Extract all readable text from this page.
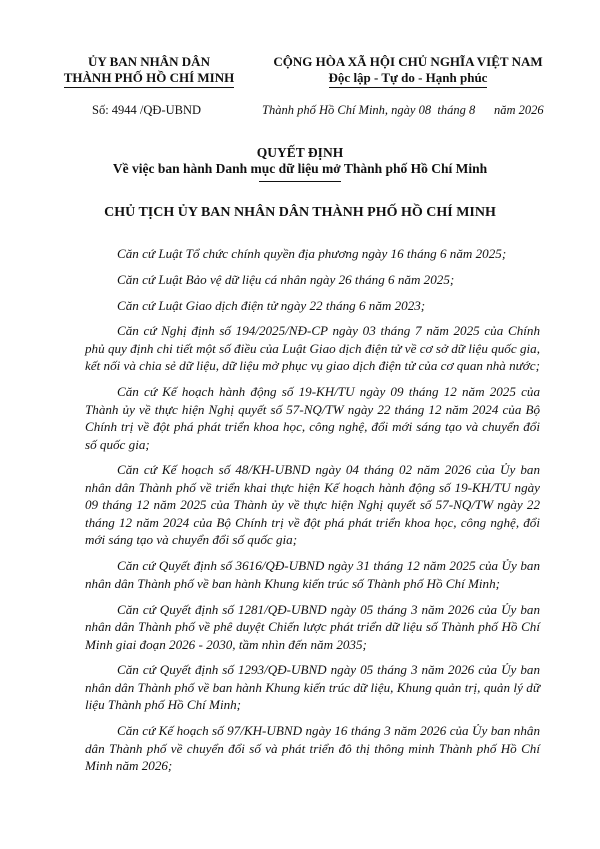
ỦY BAN NHÂN DÂN
THÀNH PHỐ HỒ CHÍ MINH
CỘNG HÒA XÃ HỘI CHỦ NGHĨA VIỆT NAM
Độc lập - Tự do - Hạnh phúc
Số: 4944 /QĐ-UBND	Thành phố Hồ Chí Minh, ngày 08  tháng 8      năm 2026
QUYẾT ĐỊNH
Về việc ban hành Danh mục dữ liệu mở Thành phố Hồ Chí Minh
CHỦ TỊCH ỦY BAN NHÂN DÂN THÀNH PHỐ HỒ CHÍ MINH

Căn cứ Luật Tổ chức chính quyền địa phương ngày 16 tháng 6 năm 2025;

Căn cứ Luật Bảo vệ dữ liệu cá nhân ngày 26 tháng 6 năm 2025;

Căn cứ Luật Giao dịch điện tử ngày 22 tháng 6 năm 2023;

Căn cứ Nghị định số 194/2025/NĐ-CP ngày 03 tháng 7 năm 2025 của Chính phủ quy định chi tiết một số điều của Luật Giao dịch điện tử về cơ sở dữ liệu quốc gia, kết nối và chia sẻ dữ liệu, dữ liệu mở phục vụ giao dịch điện tử của cơ quan nhà nước;

Căn cứ Kế hoạch hành động số 19-KH/TU ngày 09 tháng 12 năm 2025 của Thành ủy về thực hiện Nghị quyết số 57-NQ/TW ngày 22 tháng 12 năm 2024 của Bộ Chính trị về đột phá phát triển khoa học, công nghệ, đổi mới sáng tạo và chuyển đổi số quốc gia;

Căn cứ Kế hoạch số 48/KH-UBND ngày 04 tháng 02 năm 2026 của Ủy ban nhân dân Thành phố về triển khai thực hiện Kế hoạch hành động số 19-KH/TU ngày 09 tháng 12 năm 2025 của Thành ủy về thực hiện Nghị quyết số 57-NQ/TW ngày 22 tháng 12 năm 2024 của Bộ Chính trị về đột phá phát triển khoa học, công nghệ, đổi mới sáng tạo và chuyển đổi số quốc gia;

Căn cứ Quyết định số 3616/QĐ-UBND ngày 31 tháng 12 năm 2025 của Ủy ban nhân dân Thành phố về ban hành Khung kiến trúc số Thành phố Hồ Chí Minh;

Căn cứ Quyết định số 1281/QĐ-UBND ngày 05 tháng 3 năm 2026 của Ủy ban nhân dân Thành phố về phê duyệt Chiến lược phát triển dữ liệu số Thành phố Hồ Chí Minh giai đoạn 2026 - 2030, tầm nhìn đến năm 2035;

Căn cứ Quyết định số 1293/QĐ-UBND ngày 05 tháng 3 năm 2026 của Ủy ban nhân dân Thành phố về ban hành Khung kiến trúc dữ liệu, Khung quản trị, quản lý dữ liệu Thành phố Hồ Chí Minh;

Căn cứ Kế hoạch số 97/KH-UBND ngày 16 tháng 3 năm 2026 của Ủy ban nhân dân Thành phố về chuyển đổi số và phát triển đô thị thông minh Thành phố Hồ Chí Minh năm 2026;
